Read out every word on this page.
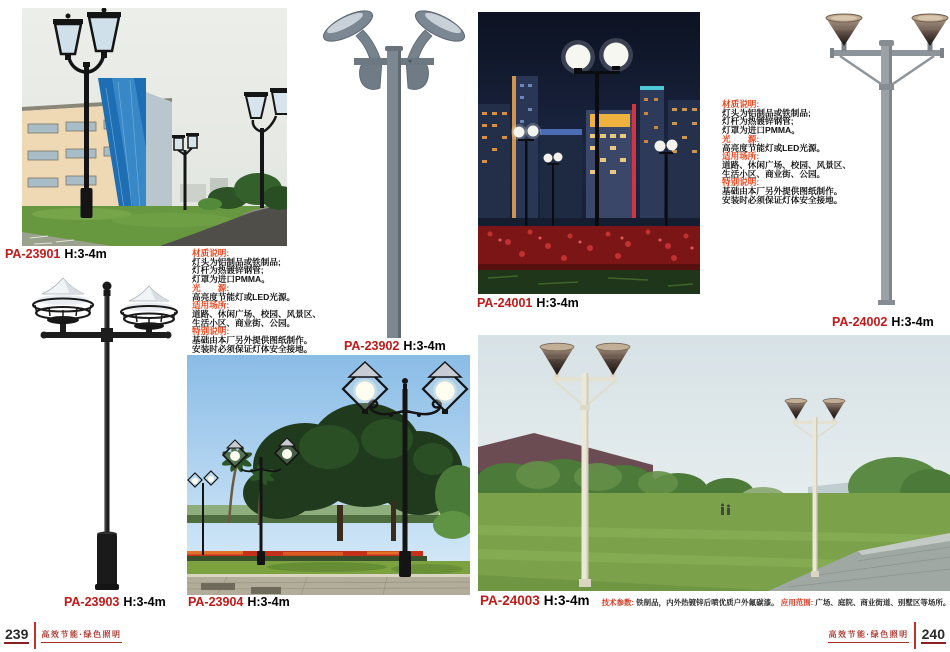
PA-23901 H:3-4m
PA-23902 H:3-4m
PA-24001 H:3-4m
PA-24002 H:3-4m
PA-23903 H:3-4m PA-23904 H:3-4m	PA-24003 H:3-4m 技术参数: 铁制品，内外热镀锌后喷优质户外氟碳漆。 应用范围: 广场、庭院、商业街道、别墅区等场所。
材质说明:
灯头为铝制品或铁制品;
灯杆为热镀锌钢管;
灯罩为进口PMMA。
光　　源:
高亮度节能灯或LED光源。
适用场所:
道路、休闲广场、校园、风景区、
生活小区、商业街、公园。
特别说明:
基础由本厂另外提供图纸制作。
安装时必须保证灯体安全接地。
材质说明:
灯头为铝制品或铁制品;
灯杆为热镀锌钢管;
灯罩为进口PMMA。
光　　源:
高亮度节能灯或LED光源。
适用场所:
道路、休闲广场、校园、风景区、
生活小区、商业街、公园。
特别说明:
基础由本厂另外提供图纸制作。
安装时必须保证灯体安全接地。
239 高效节能·绿色照明	高效节能·绿色照明 240
